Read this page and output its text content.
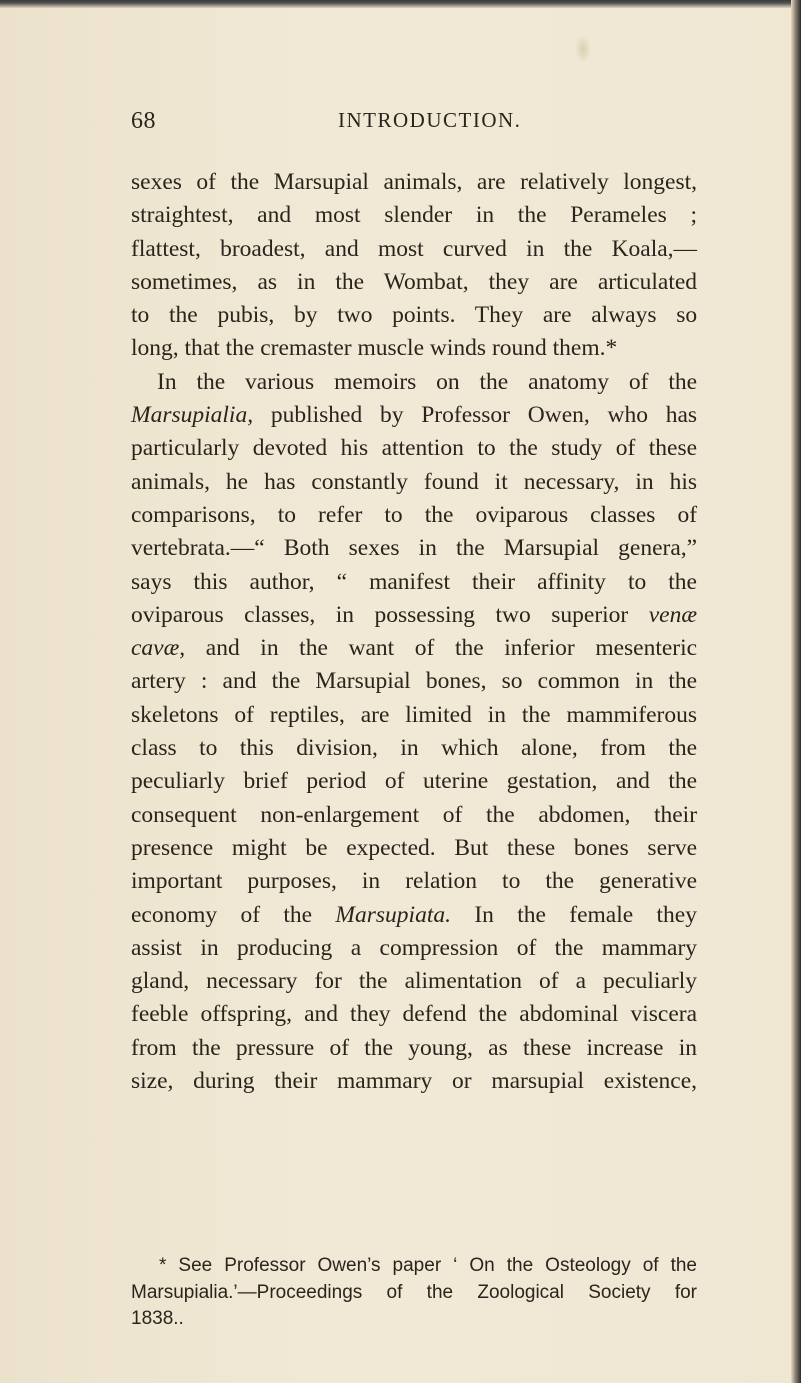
68	INTRODUCTION.
sexes of the Marsupial animals, are relatively longest,
straightest, and most slender in the Perameles ;
flattest, broadest, and most curved in the Koala,—
sometimes, as in the Wombat, they are articulated
to the pubis, by two points. They are always so
long, that the cremaster muscle winds round them.*
In the various memoirs on the anatomy of the
Marsupialia, published by Professor Owen, who has
particularly devoted his attention to the study of these
animals, he has constantly found it necessary, in his
comparisons, to refer to the oviparous classes of
vertebrata.—“ Both sexes in the Marsupial genera,”
says this author, “ manifest their affinity to the
oviparous classes, in possessing two superior venæ
cavæ, and in the want of the inferior mesenteric
artery : and the Marsupial bones, so common in the
skeletons of reptiles, are limited in the mammiferous
class to this division, in which alone, from the
peculiarly brief period of uterine gestation, and the
consequent non-enlargement of the abdomen, their
presence might be expected. But these bones serve
important purposes, in relation to the generative
economy of the Marsupiata. In the female they
assist in producing a compression of the mammary
gland, necessary for the alimentation of a peculiarly
feeble offspring, and they defend the abdominal viscera
from the pressure of the young, as these increase in
size, during their mammary or marsupial existence,
* See Professor Owen’s paper ‘ On the Osteology of the
Marsupialia.’—Proceedings of the Zoological Society for
1838..
